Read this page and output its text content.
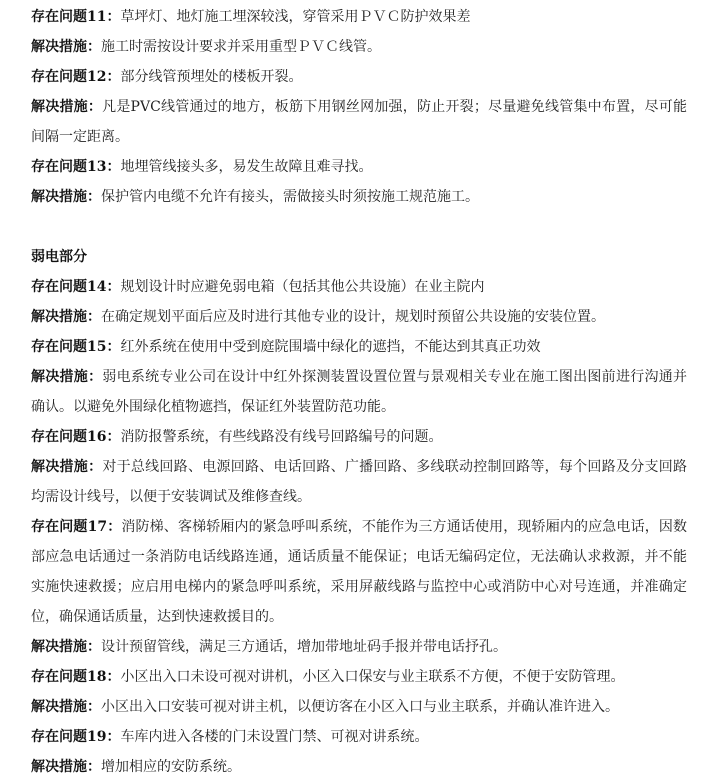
存在问题11：草坪灯、地灯施工埋深较浅，穿管采用ＰＶＣ防护效果差

解决措施：施工时需按设计要求并采用重型ＰＶＣ线管。

存在问题12：部分线管预埋处的楼板开裂。

解决措施：凡是PVC线管通过的地方，板筋下用钢丝网加强，防止开裂；尽量避免线管集中布置，尽可能间隔一定距离。

存在问题13：地埋管线接头多，易发生故障且难寻找。

解决措施：保护管内电缆不允许有接头，需做接头时须按施工规范施工。

弱电部分

存在问题14：规划设计时应避免弱电箱（包括其他公共设施）在业主院内

解决措施：在确定规划平面后应及时进行其他专业的设计，规划时预留公共设施的安装位置。

存在问题15：红外系统在使用中受到庭院围墙中绿化的遮挡，不能达到其真正功效

解决措施：弱电系统专业公司在设计中红外探测装置设置位置与景观相关专业在施工图出图前进行沟通并确认。以避免外围绿化植物遮挡，保证红外装置防范功能。

存在问题16：消防报警系统，有些线路没有线号回路编号的问题。

解决措施：对于总线回路、电源回路、电话回路、广播回路、多线联动控制回路等，每个回路及分支回路均需设计线号，以便于安装调试及维修查线。

存在问题17：消防梯、客梯轿厢内的紧急呼叫系统，不能作为三方通话使用，现轿厢内的应急电话，因数部应急电话通过一条消防电话线路连通，通话质量不能保证；电话无编码定位，无法确认求救源，并不能实施快速救援；应启用电梯内的紧急呼叫系统，采用屏蔽线路与监控中心或消防中心对号连通，并准确定位，确保通话质量，达到快速救援目的。

解决措施：设计预留管线，满足三方通话，增加带地址码手报并带电话抒孔。

存在问题18：小区出入口未设可视对讲机，小区入口保安与业主联系不方便，不便于安防管理。

解决措施：小区出入口安装可视对讲主机，以便访客在小区入口与业主联系，并确认准许进入。

存在问题19：车库内进入各楼的门未设置门禁、可视对讲系统。

解决措施：增加相应的安防系统。
